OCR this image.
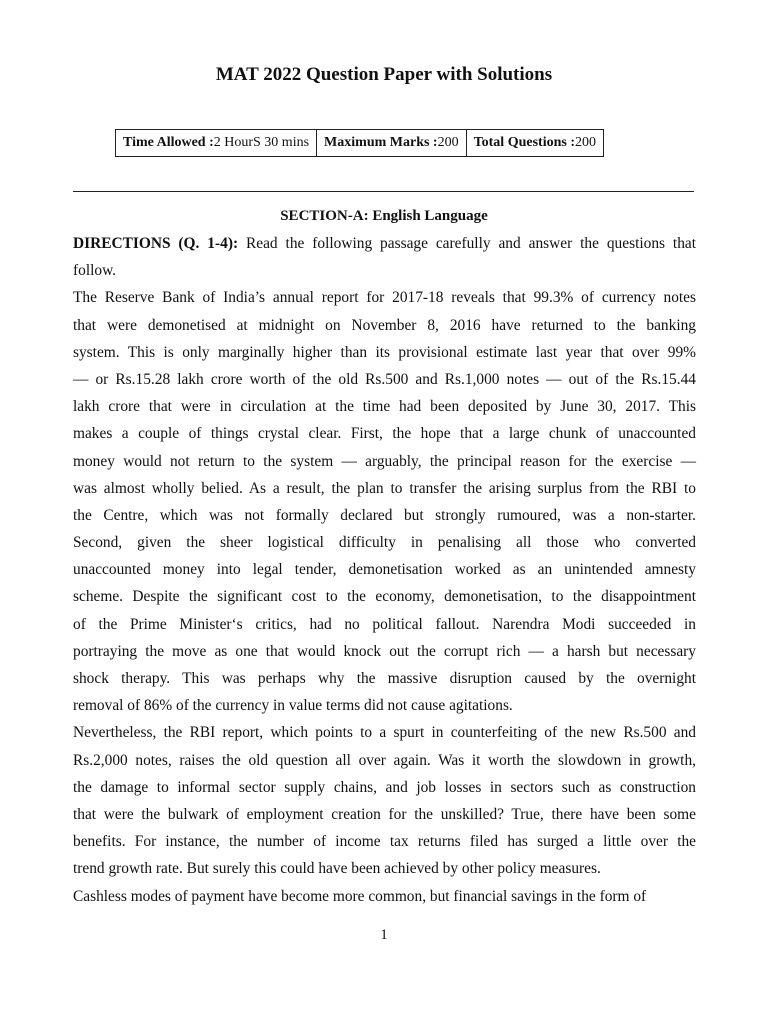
MAT 2022 Question Paper with Solutions
Time Allowed :2 HourS 30 mins	Maximum Marks :200	Total Questions :200
SECTION-A: English Language
DIRECTIONS (Q. 1-4): Read the following passage carefully and answer the questions that
follow.
The Reserve Bank of India’s annual report for 2017-18 reveals that 99.3% of currency notes
that were demonetised at midnight on November 8, 2016 have returned to the banking
system. This is only marginally higher than its provisional estimate last year that over 99%
— or Rs.15.28 lakh crore worth of the old Rs.500 and Rs.1,000 notes — out of the Rs.15.44
lakh crore that were in circulation at the time had been deposited by June 30, 2017. This
makes a couple of things crystal clear. First, the hope that a large chunk of unaccounted
money would not return to the system — arguably, the principal reason for the exercise —
was almost wholly belied. As a result, the plan to transfer the arising surplus from the RBI to
the Centre, which was not formally declared but strongly rumoured, was a non-starter.
Second, given the sheer logistical difficulty in penalising all those who converted
unaccounted money into legal tender, demonetisation worked as an unintended amnesty
scheme. Despite the significant cost to the economy, demonetisation, to the disappointment
of the Prime Minister‘s critics, had no political fallout. Narendra Modi succeeded in
portraying the move as one that would knock out the corrupt rich — a harsh but necessary
shock therapy. This was perhaps why the massive disruption caused by the overnight
removal of 86% of the currency in value terms did not cause agitations.
Nevertheless, the RBI report, which points to a spurt in counterfeiting of the new Rs.500 and
Rs.2,000 notes, raises the old question all over again. Was it worth the slowdown in growth,
the damage to informal sector supply chains, and job losses in sectors such as construction
that were the bulwark of employment creation for the unskilled? True, there have been some
benefits. For instance, the number of income tax returns filed has surged a little over the
trend growth rate. But surely this could have been achieved by other policy measures.
Cashless modes of payment have become more common, but financial savings in the form of
1
